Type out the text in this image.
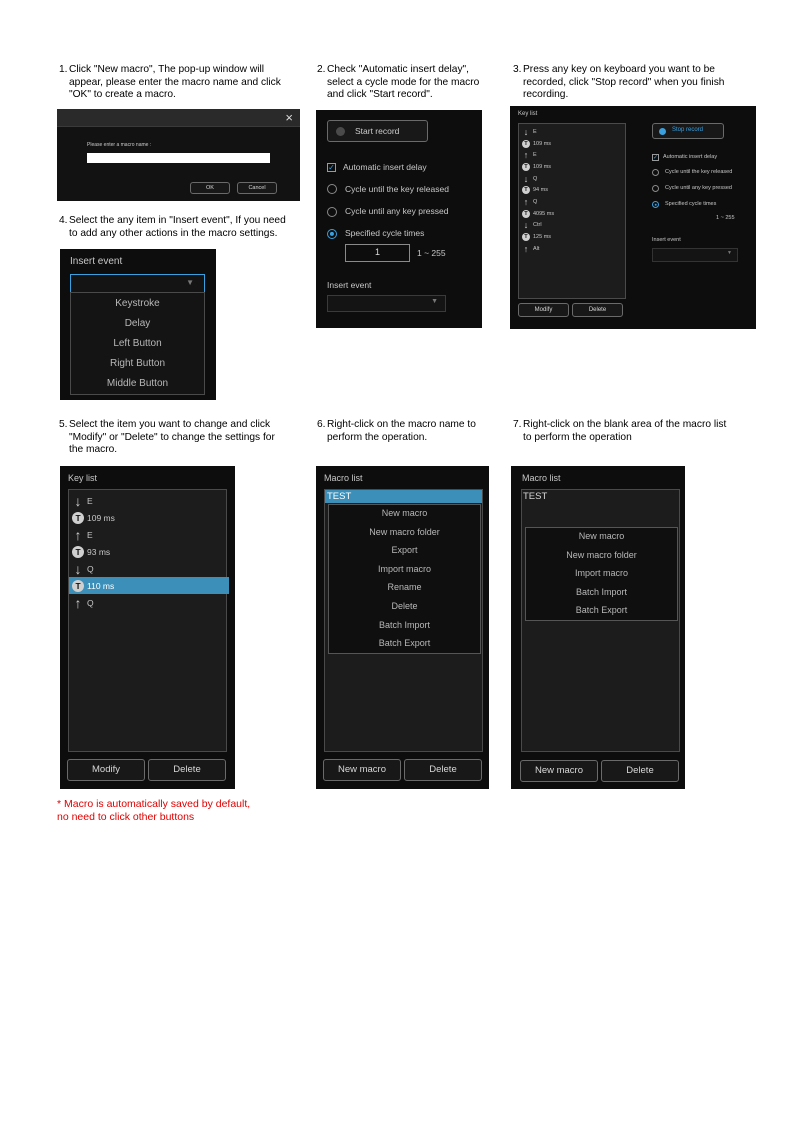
1. Click "New macro", The pop-up window will
appear, please enter the macro name and click
"OK" to create a macro.
2. Check "Automatic insert delay",
select a cycle mode for the macro
and click "Start record".
3. Press any key on keyboard you want to be
recorded, click "Stop record" when you finish
recording.
4. Select the any item in "Insert event", If you need
to add any other actions in the macro settings.
5. Select the item you want to change and click
"Modify" or "Delete" to change the settings for
the macro.
6. Right-click on the macro name to
perform the operation.
7. Right-click on the blank area of the macro list
to perform the operation
×
Please enter a macro name :
OK	Cancel
Start record
✓ Automatic insert delay
Cycle until the key released
Cycle until any key pressed
Specified cycle times
1	1 ~ 255
Insert event
▼
Key list
↓ E
T 109 ms
↑ E
T 109 ms
↓ Q
T 94 ms
↑ Q
T 4095 ms
↓ Ctrl
T 125 ms
↑ Alt
Modify	Delete
Stop record
✓ Automatic insert delay
Cycle until the key released
Cycle until any key pressed
Specified cycle times
1 ~ 255
Insert event
▼
Insert event
▼
Keystroke
Delay
Left Button
Right Button
Middle Button
Key list
↓ E
T 109 ms
↑ E
T 93 ms
↓ Q
T 110 ms
↑ Q
Modify	Delete
Macro list
TEST
New macro
New macro folder
Export
Import macro
Rename
Delete
Batch Import
Batch Export
New macro	Delete
Macro list
TEST
New macro
New macro folder
Import macro
Batch Import
Batch Export
New macro	Delete
* Macro is automatically saved by default,
no need to click other buttons
